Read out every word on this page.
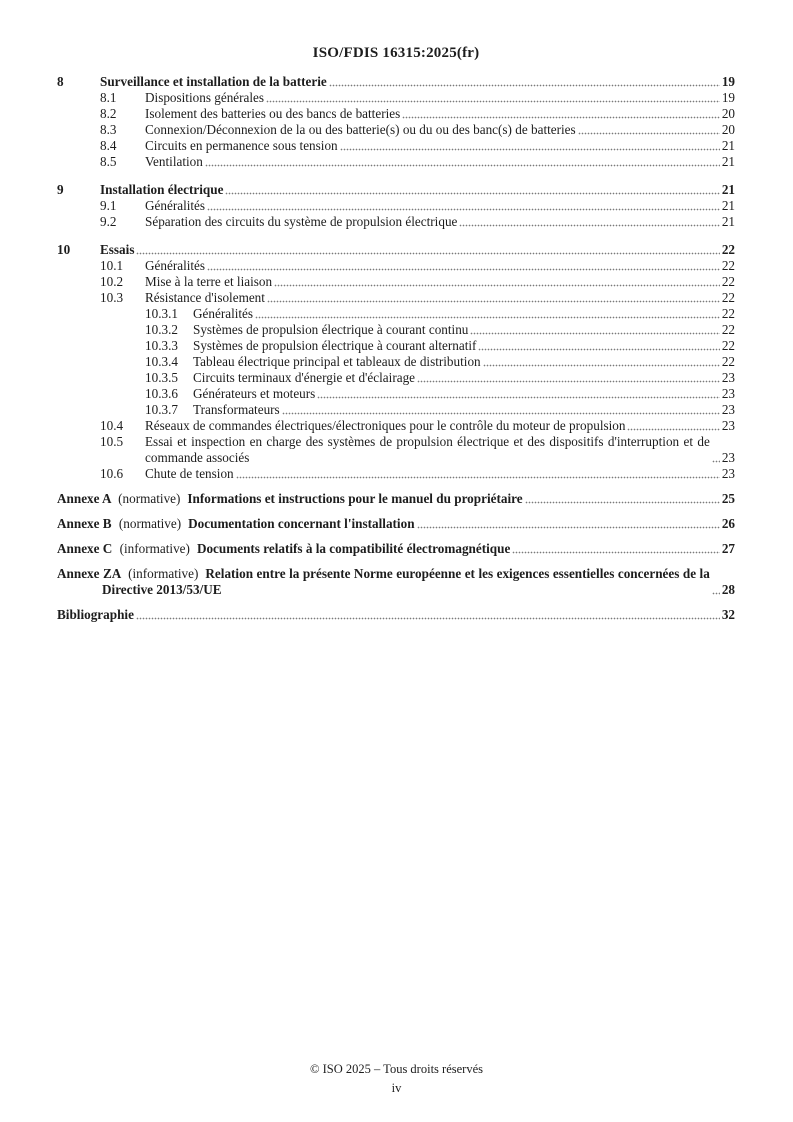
ISO/FDIS 16315:2025(fr)
8	Surveillance et installation de la batterie	19
8.1	Dispositions générales	19
8.2	Isolement des batteries ou des bancs de batteries	20
8.3	Connexion/Déconnexion de la ou des batterie(s) ou du ou des banc(s) de batteries	20
8.4	Circuits en permanence sous tension	21
8.5	Ventilation	21
9	Installation électrique	21
9.1	Généralités	21
9.2	Séparation des circuits du système de propulsion électrique	21
10	Essais	22
10.1	Généralités	22
10.2	Mise à la terre et liaison	22
10.3	Résistance d'isolement	22
10.3.1	Généralités	22
10.3.2	Systèmes de propulsion électrique à courant continu	22
10.3.3	Systèmes de propulsion électrique à courant alternatif	22
10.3.4	Tableau électrique principal et tableaux de distribution	22
10.3.5	Circuits terminaux d'énergie et d'éclairage	23
10.3.6	Générateurs et moteurs	23
10.3.7	Transformateurs	23
10.4	Réseaux de commandes électriques/électroniques pour le contrôle du moteur de propulsion	23
10.5	Essai et inspection en charge des systèmes de propulsion électrique et des dispositifs d'interruption et de commande associés	23
10.6	Chute de tension	23
Annexe A (normative) Informations et instructions pour le manuel du propriétaire	25
Annexe B (normative) Documentation concernant l'installation	26
Annexe C (informative) Documents relatifs à la compatibilité électromagnétique	27
Annexe ZA (informative) Relation entre la présente Norme européenne et les exigences essentielles concernées de la Directive 2013/53/UE	28
Bibliographie	32
© ISO 2025 – Tous droits réservés
iv
